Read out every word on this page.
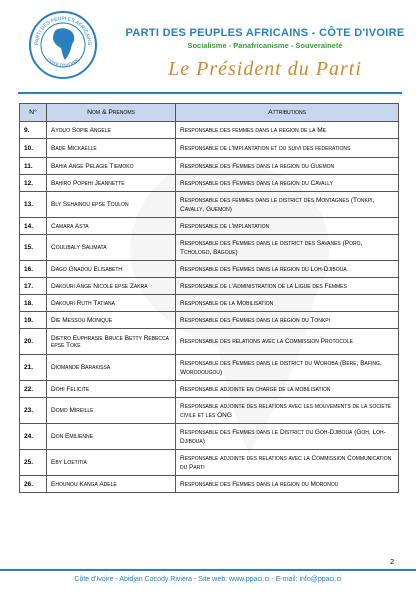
PARTI DES PEUPLES AFRICAINS
CÔTE D'IVOIRE
PARTI DES PEUPLES AFRICAINS - CÔTE D'IVOIRE
Socialisme - Panafricanisme - Souveraineté
Le Président du Parti
N°	Nom & Prenoms	Attributions
9.	Ayouo Sopie Angele	Responsable des femmes dans la region de la Me
10.	Bade Mickaelle	Responsable de l'implantation et du suivi des federations
11.	Bahia Ange Pelagie Tiemoko	Responsable des Femmes dans la region du Guemon
12.	Bahiro Popehi Jeannette	Responsable des Femmes dans la region du Cavally
13.	Bly Sehainou epse Toulon	Responsable des femmes dans le district des Montagnes (Tonkpi, Cavally, Guemon)
14.	Camara Asta	Responsable de l'implantation
15.	Coulibaly Salimata	Responsable des Femmes dans le district des Savanes (Poro, Tchologo, Bagoue)
16.	Dago Gnadou Elisabeth	Responsable des Femmes dans la region du Loh-Djiboua
17.	Dakouri Ange Nicole epse Zakra	Responsable de l'Administration de la Ligue des Femmes
18.	Dakouri Ruth Tatiana	Responsable de la Mobilisation
19.	Die Messou Monique	Responsable des Femmes dans la region du Tonkpi
20.	Dietro Euphrasie Bruce Betty Rebecca epse Toke	Responsable des relations avec la Commission Protocole
21.	Diomande Barakissa	Responsable des Femmes dans le district du Woroba (Bere, Bafing, Worodougou)
22.	Dohi Felicite	Responsable adjointe en charge de la mobilisation
23.	Domo Mireille	Responsable adjointe des relations avec les mouvements de la societe civile et les ONG
24.	Don Emilienne	Responsable des Femmes dans le District du Goh-Djiboua (Goh, Loh-Djiboua)
25.	Eby Loetitia	Responsable adjointe des relations avec la Commission Communication du Parti
26.	Ehounou Kanga Adele	Responsable des Femmes dans la region du Moronou
2
Côte d'Ivoire - Abidjan Cocody Riviera - Site web: www.ppaci.ci - E-mail: info@ppaci.ci
